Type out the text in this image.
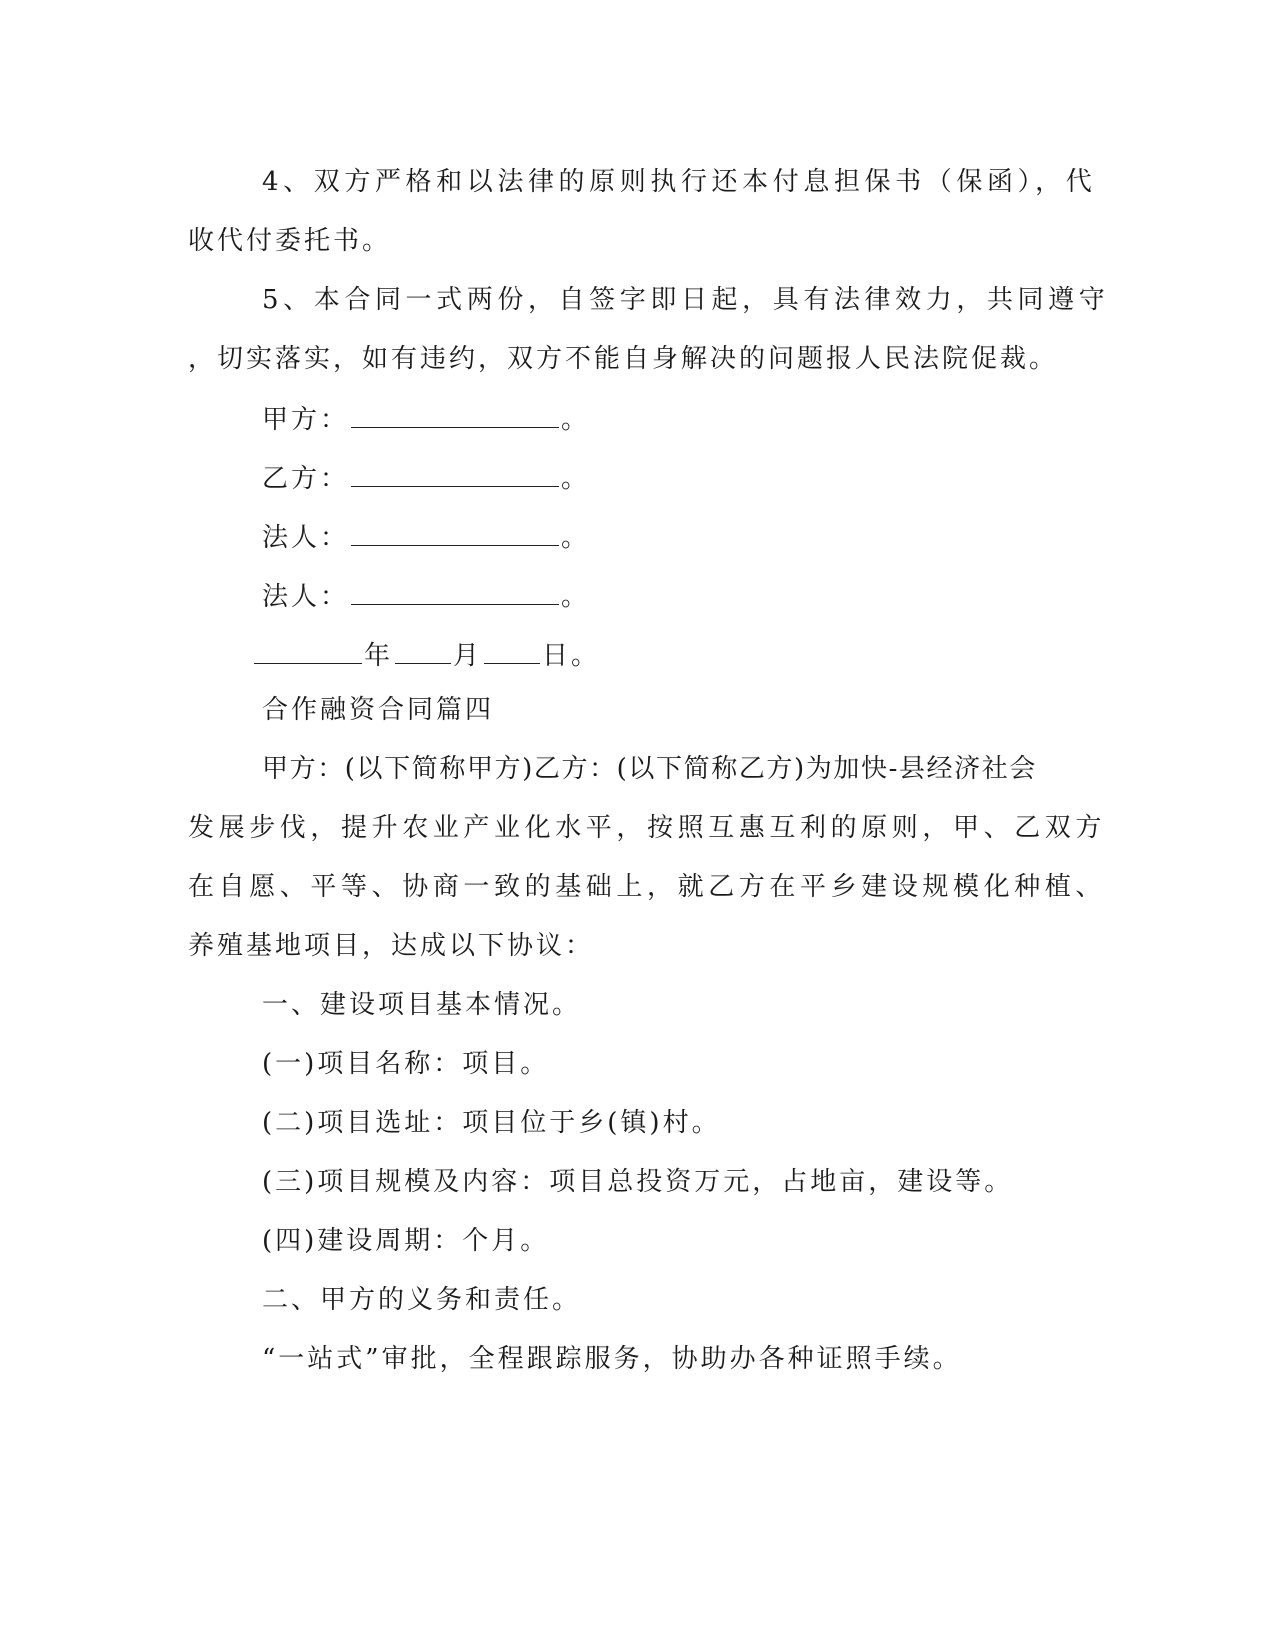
4、双方严格和以法律的原则执行还本付息担保书（保函），代
收代付委托书。
5、本合同一式两份，自签字即日起，具有法律效力，共同遵守
，切实落实，如有违约，双方不能自身解决的问题报人民法院促裁。
甲方：	。
乙方：	。
法人：	。
法人：	。
年 月 日。
合作融资合同篇四
甲方：(以下简称甲方)乙方：(以下简称乙方)为加快-县经济社会
发展步伐，提升农业产业化水平，按照互惠互利的原则，甲、乙双方
在自愿、平等、协商一致的基础上，就乙方在平乡建设规模化种植、
养殖基地项目，达成以下协议：
一、建设项目基本情况。
(一)项目名称：项目。
(二)项目选址：项目位于乡(镇)村。
(三)项目规模及内容：项目总投资万元，占地亩，建设等。
(四)建设周期：个月。
二、甲方的义务和责任。
“一站式”审批，全程跟踪服务，协助办各种证照手续。
